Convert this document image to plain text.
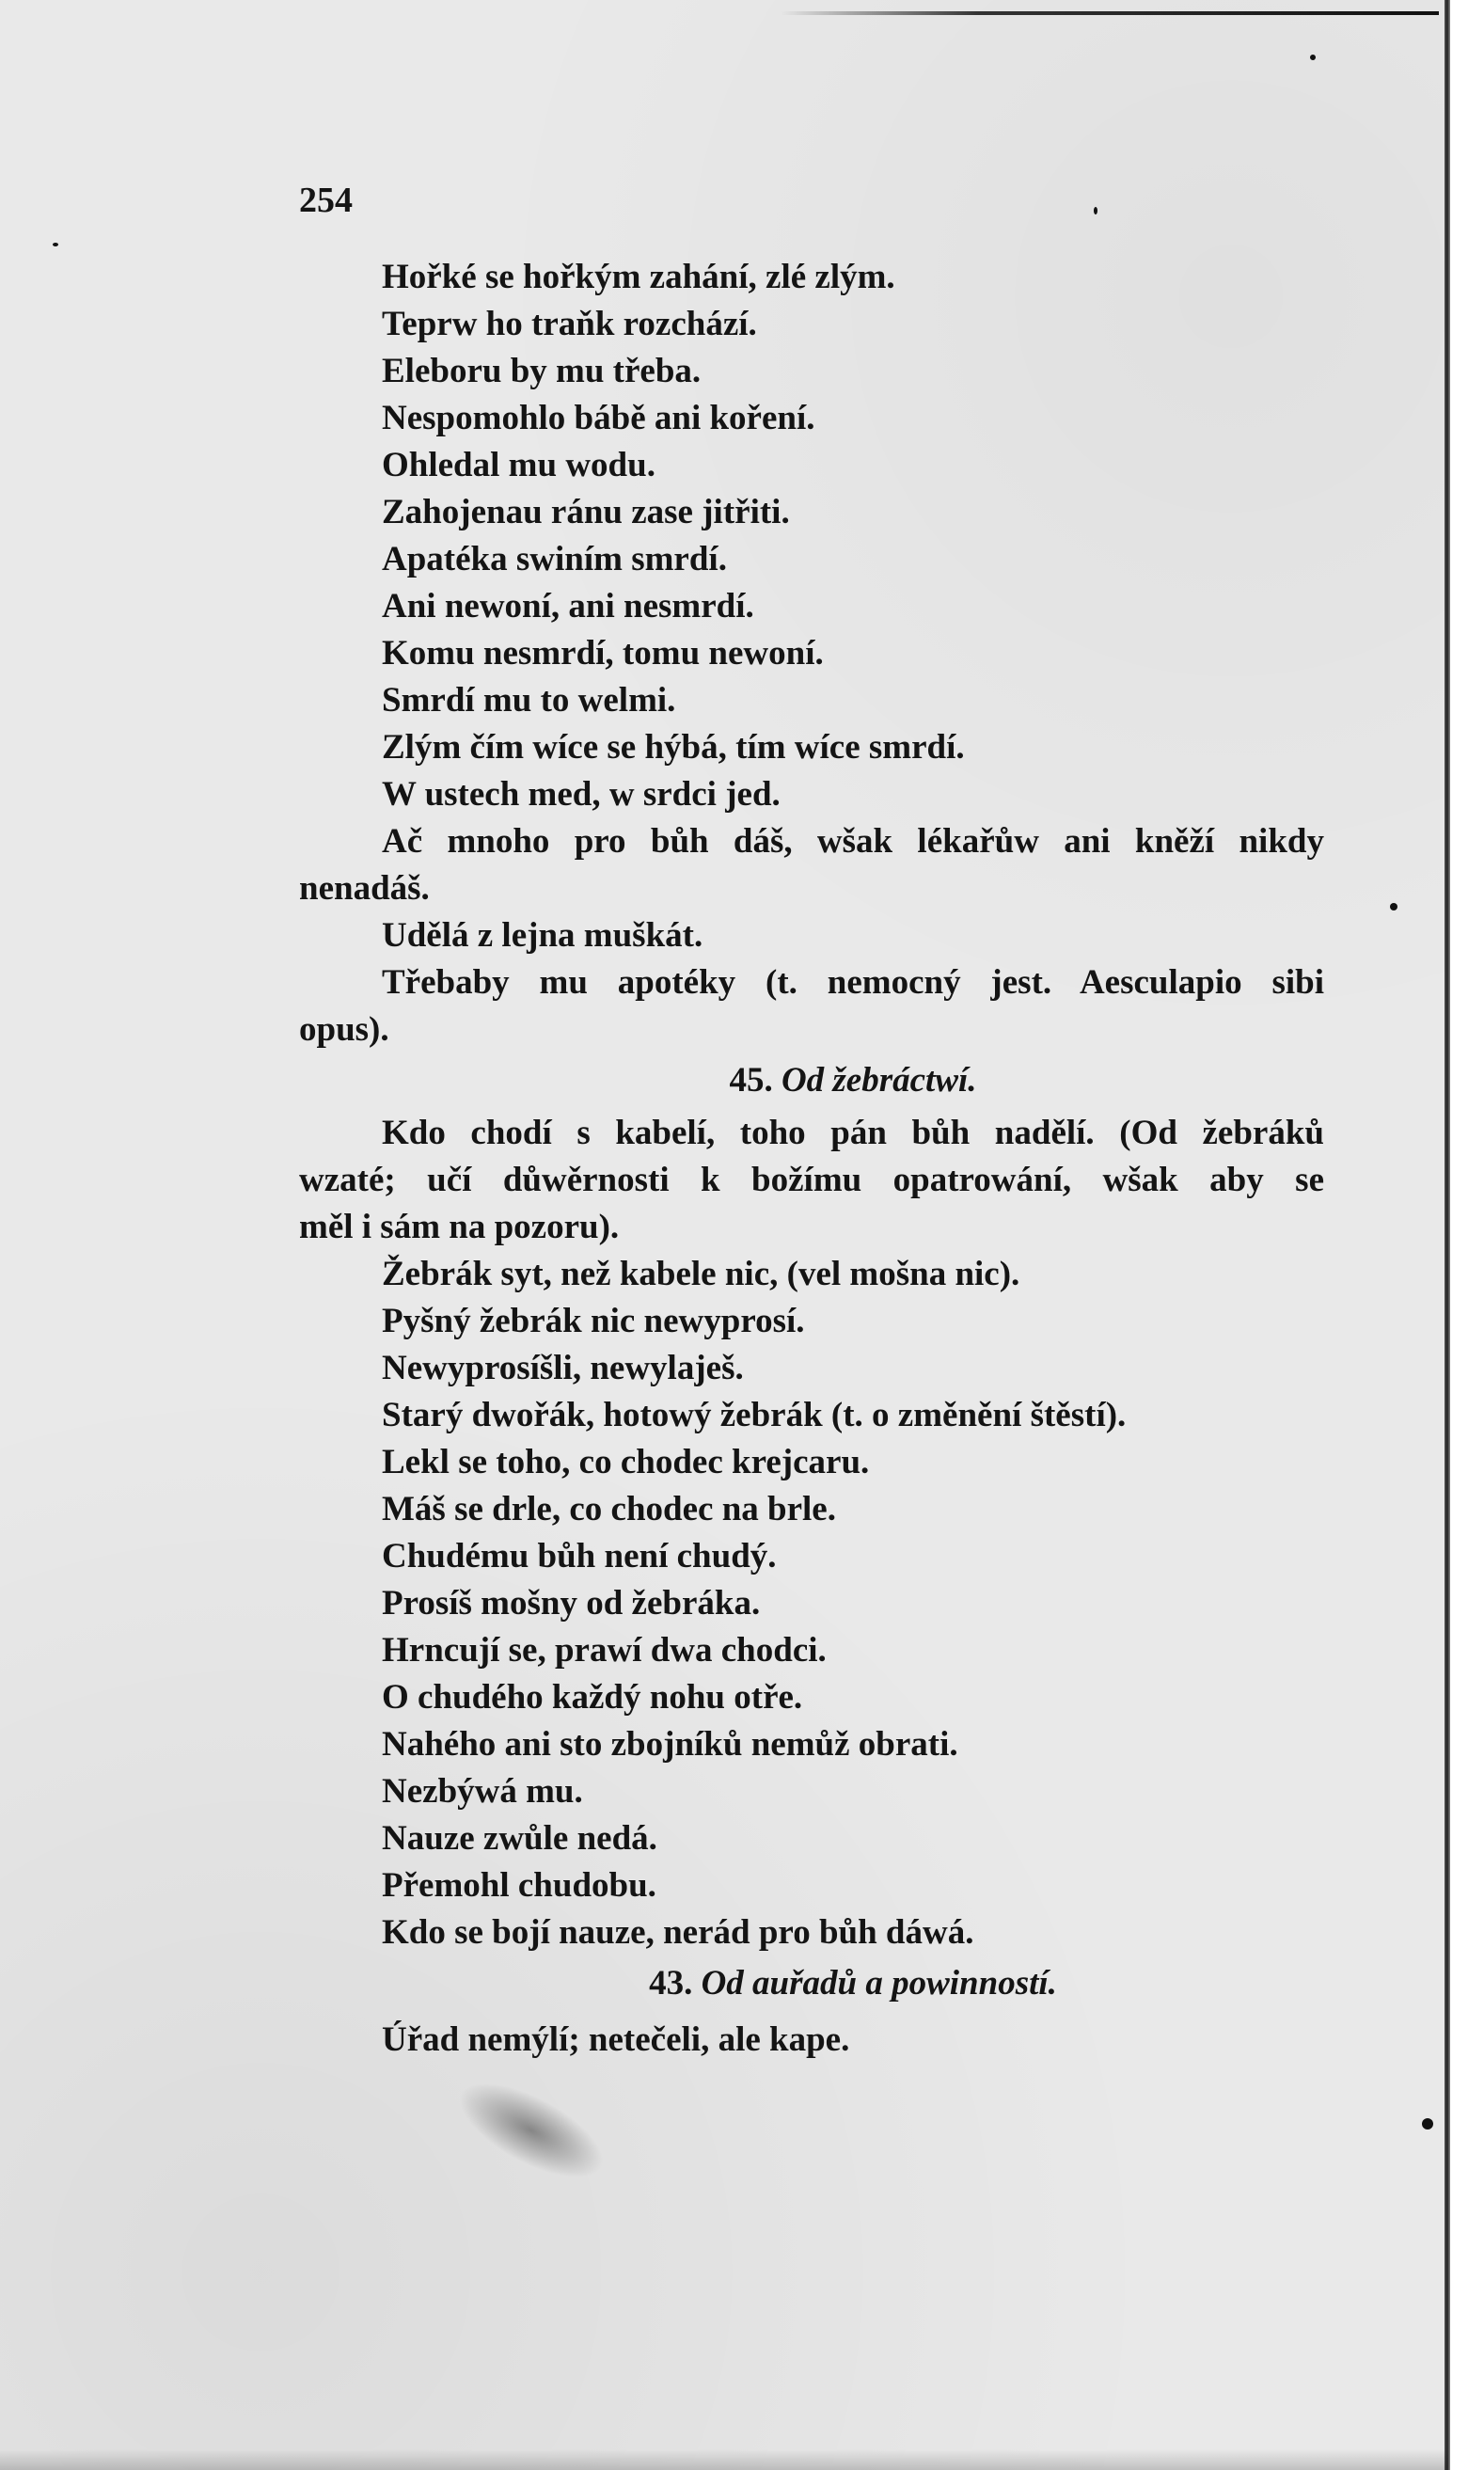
254
Hořké se hořkým zahání, zlé zlým.
Teprw ho traňk rozchází.
Eleboru by mu třeba.
Nespomohlo bábě ani koření.
Ohledal mu wodu.
Zahojenau ránu zase jitřiti.
Apatéka swiním smrdí.
Ani newoní, ani nesmrdí.
Komu nesmrdí, tomu newoní.
Smrdí mu to welmi.
Zlým čím wíce se hýbá, tím wíce smrdí.
W ustech med, w srdci jed.
Ač mnoho pro bůh dáš, wšak lékařůw ani kněží nikdy
nenadáš.
Udělá z lejna muškát.
Třebaby mu apotéky (t. nemocný jest. Aesculapio sibi
opus).
45. Od žebráctwí.
Kdo chodí s kabelí, toho pán bůh nadělí. (Od žebráků
wzaté; učí důwěrnosti k božímu opatrowání, wšak aby se
měl i sám na pozoru).
Žebrák syt, než kabele nic, (vel mošna nic).
Pyšný žebrák nic newyprosí.
Newyprosíšli, newylaješ.
Starý dwořák, hotowý žebrák (t. o změnění štěstí).
Lekl se toho, co chodec krejcaru.
Máš se drle, co chodec na brle.
Chudému bůh není chudý.
Prosíš mošny od žebráka.
Hrncují se, prawí dwa chodci.
O chudého každý nohu otře.
Nahého ani sto zbojníků nemůž obrati.
Nezbýwá mu.
Nauze zwůle nedá.
Přemohl chudobu.
Kdo se bojí nauze, nerád pro bůh dáwá.
43. Od auřadů a powinností.
Úřad nemýlí; netečeli, ale kape.
